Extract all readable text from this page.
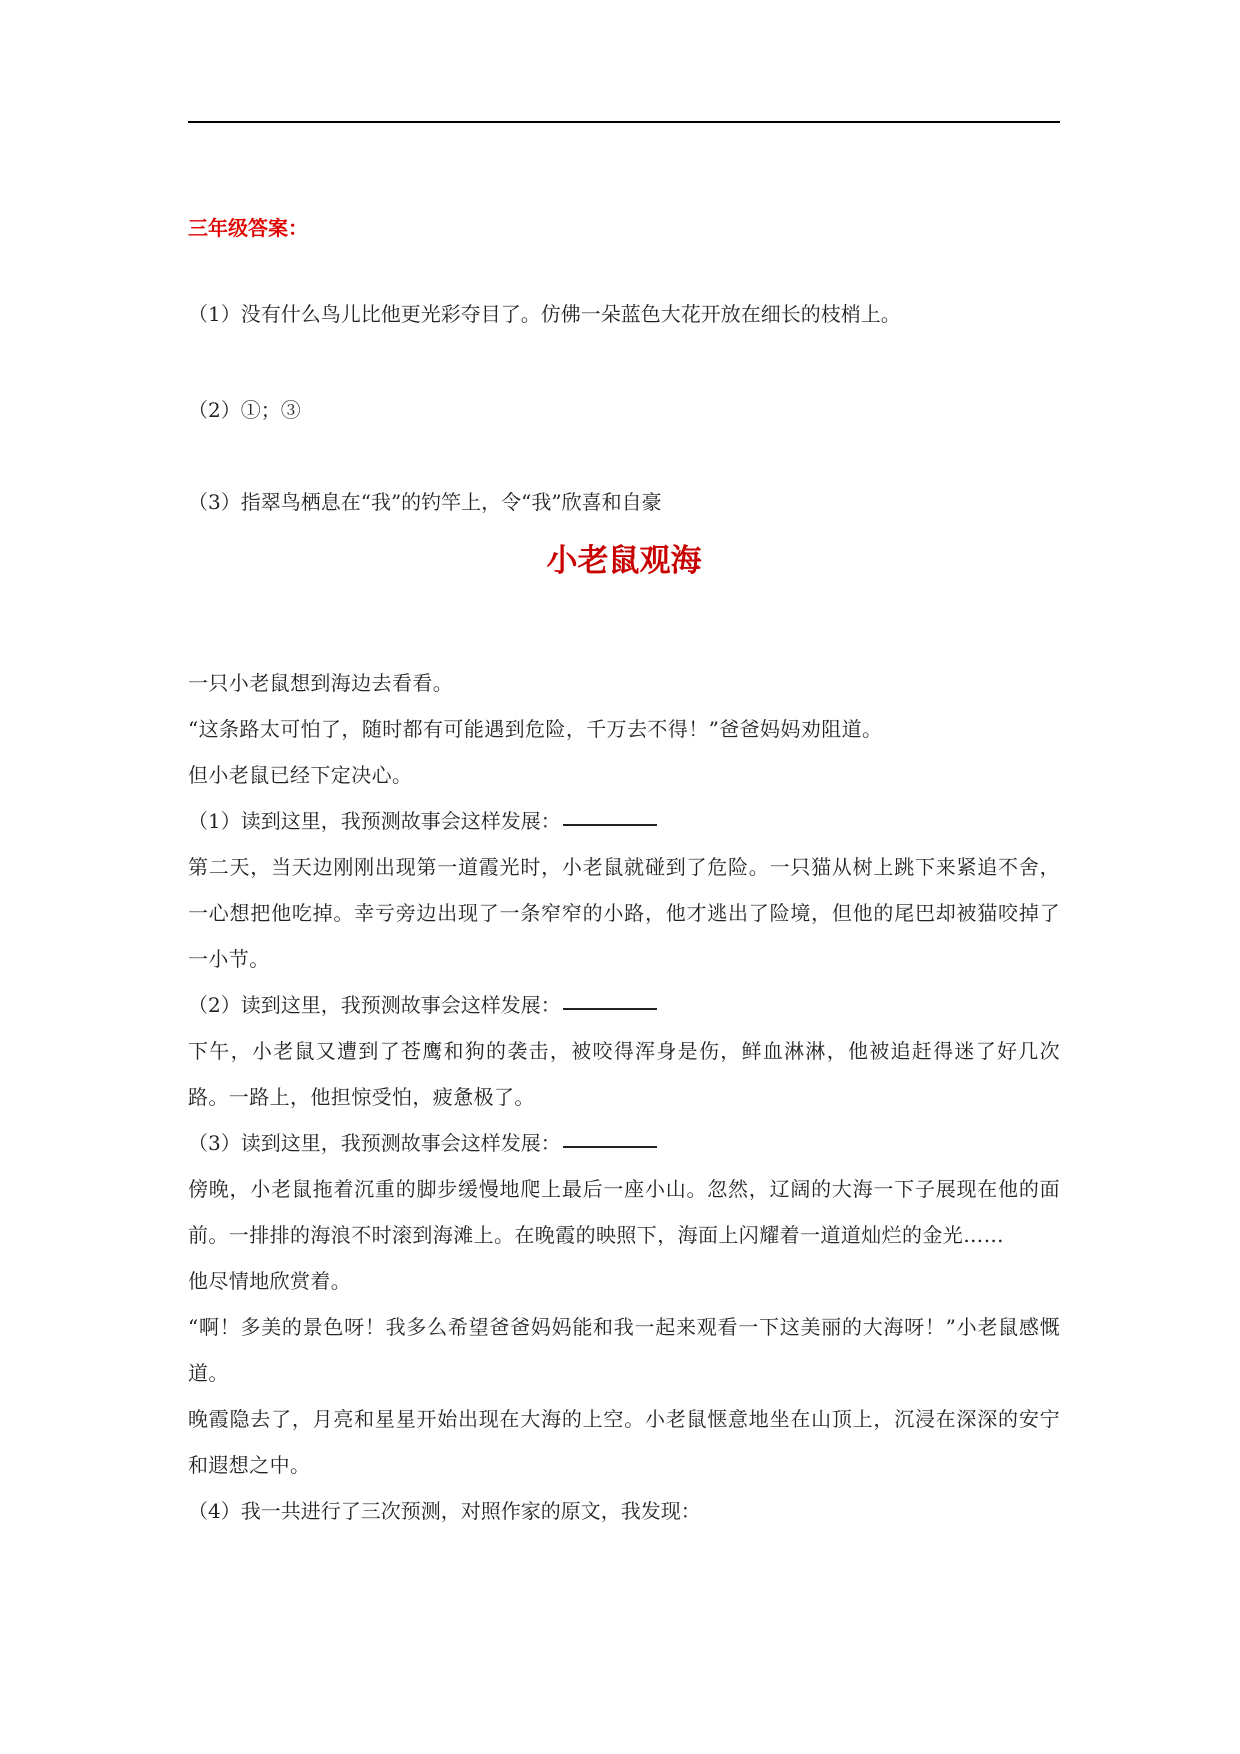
三年级答案：
（1）没有什么鸟儿比他更光彩夺目了。仿佛一朵蓝色大花开放在细长的枝梢上。
（2）①；③
（3）指翠鸟栖息在“我”的钓竿上，令“我”欣喜和自豪
小老鼠观海

一只小老鼠想到海边去看看。

“这条路太可怕了，随时都有可能遇到危险，千万去不得！”爸爸妈妈劝阻道。

但小老鼠已经下定决心。

（1）读到这里，我预测故事会这样发展：

第二天，当天边刚刚出现第一道霞光时，小老鼠就碰到了危险。一只猫从树上跳下来紧追不舍，一心想把他吃掉。幸亏旁边出现了一条窄窄的小路，他才逃出了险境，但他的尾巴却被猫咬掉了一小节。

（2）读到这里，我预测故事会这样发展：

下午，小老鼠又遭到了苍鹰和狗的袭击，被咬得浑身是伤，鲜血淋淋，他被追赶得迷了好几次路。一路上，他担惊受怕，疲惫极了。

（3）读到这里，我预测故事会这样发展：

傍晚，小老鼠拖着沉重的脚步缓慢地爬上最后一座小山。忽然，辽阔的大海一下子展现在他的面前。一排排的海浪不时滚到海滩上。在晚霞的映照下，海面上闪耀着一道道灿烂的金光……

他尽情地欣赏着。

“啊！多美的景色呀！我多么希望爸爸妈妈能和我一起来观看一下这美丽的大海呀！”小老鼠感慨道。

晚霞隐去了，月亮和星星开始出现在大海的上空。小老鼠惬意地坐在山顶上，沉浸在深深的安宁和遐想之中。

（4）我一共进行了三次预测，对照作家的原文，我发现：
